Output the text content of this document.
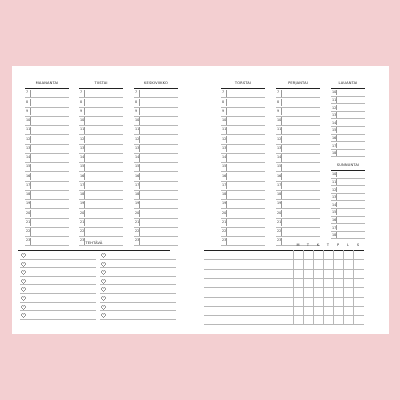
MAANANTAI
7
8
9
10
11
12
13
14
15
16
17
18
19
20
21
22
23
TIISTAI
7
8
9
10
11
12
13
14
15
16
17
18
19
20
21
22
23
KESKIVIIKKO
7
8
9
10
11
12
13
14
15
16
17
18
19
20
21
22
23
TEHTÄVÄ
TORSTAI
7
8
9
10
11
12
13
14
15
16
17
18
19
20
21
22
23
PERJANTAI
7
8
9
10
11
12
13
14
15
16
17
18
19
20
21
22
23
LAUANTAI
10
11
12
13
14
15
16
17
18
SUNNUNTAI
10
11
12
13
14
15
16
17
18
M	T	K	T	P	L	S
